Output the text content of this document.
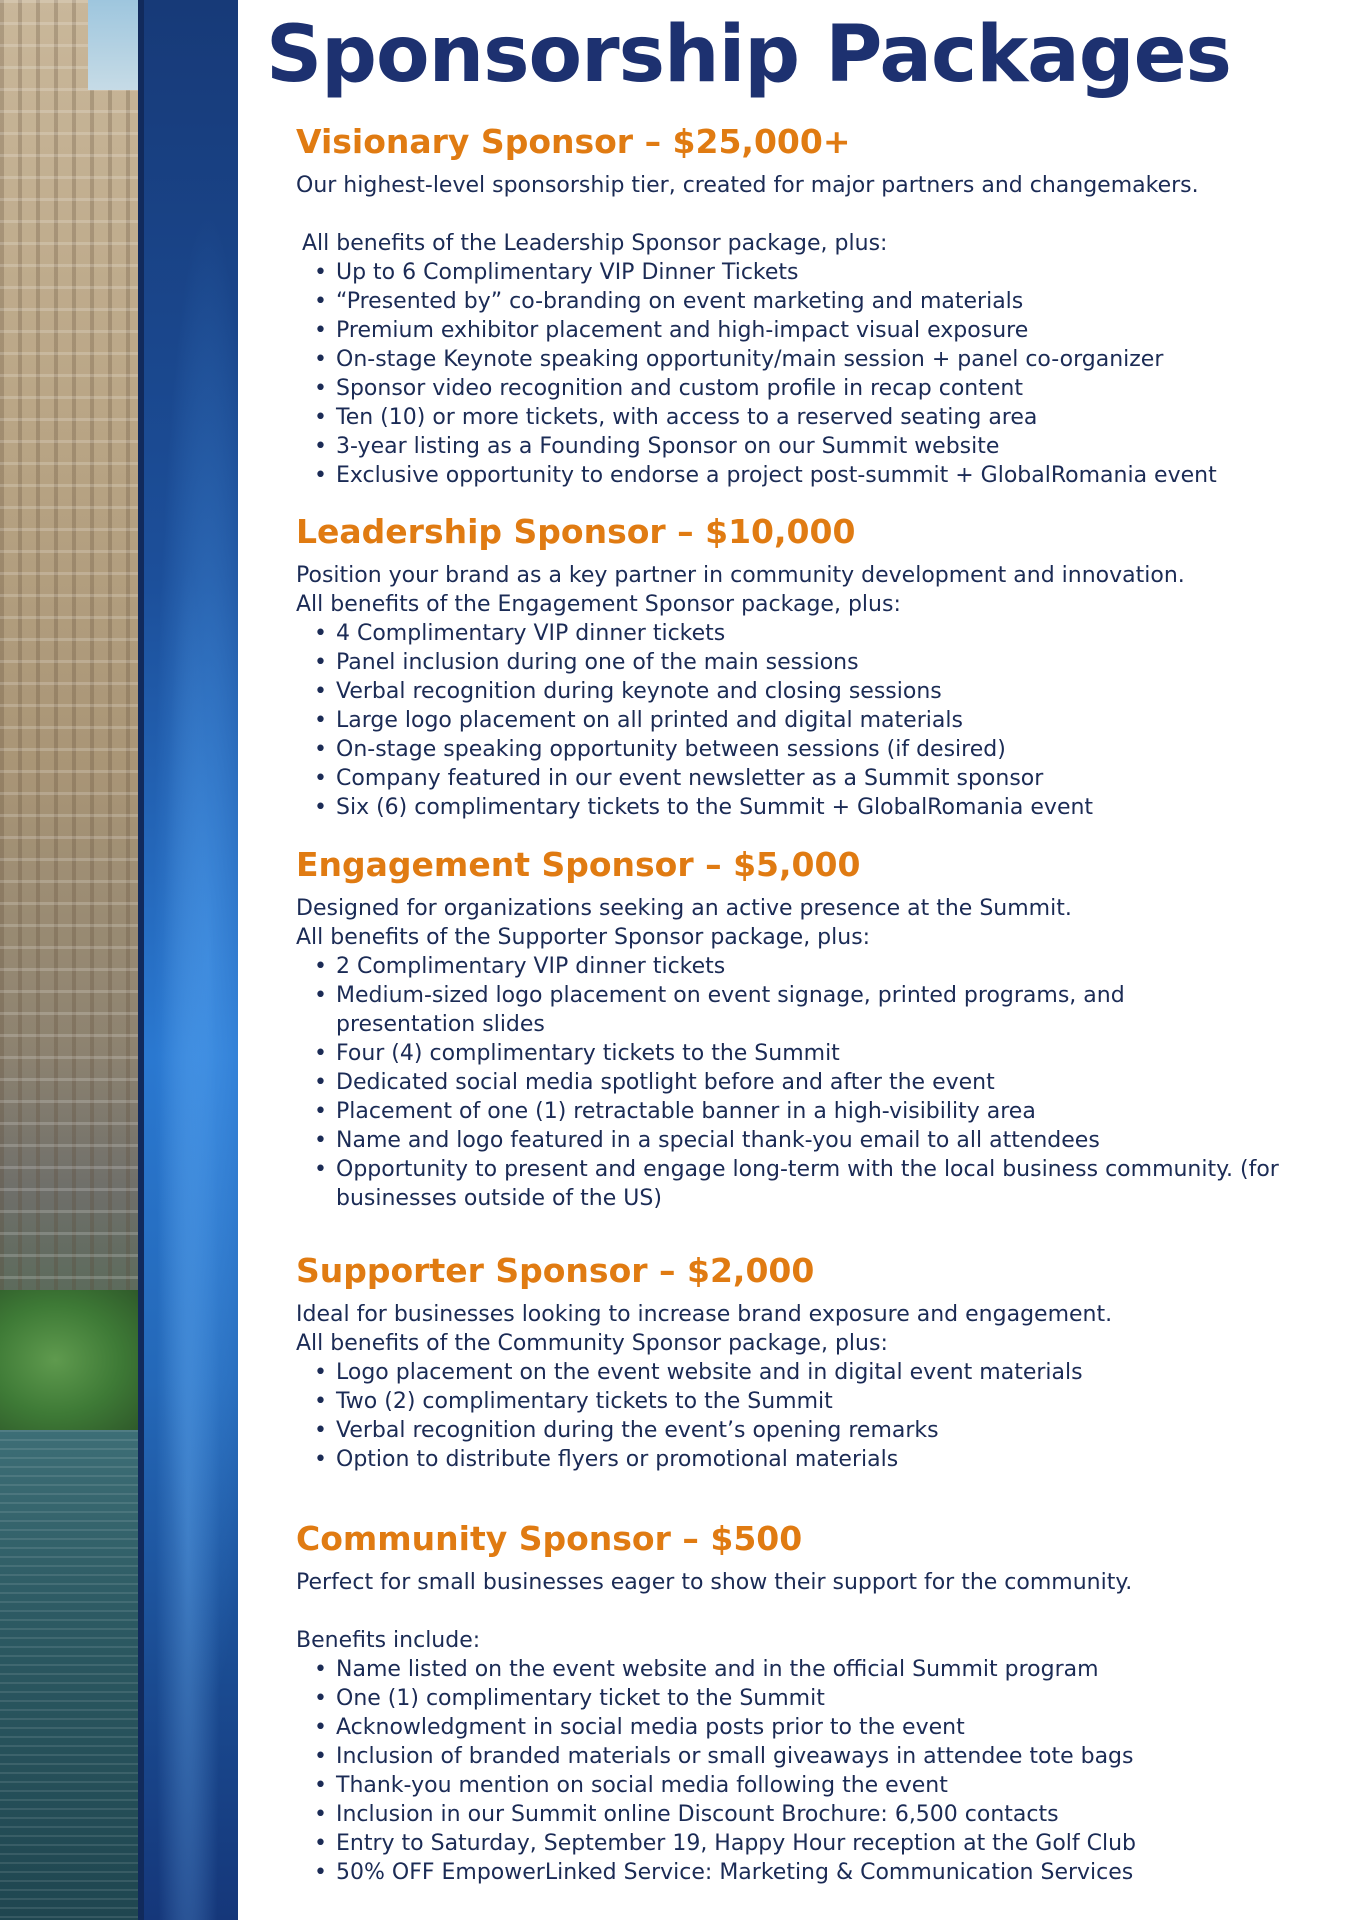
Sponsorship Packages
Visionary Sponsor – $25,000+

Our highest-level sponsorship tier, created for major partners and changemakers.

All benefits of the Leadership Sponsor package, plus:

• Up to 6 Complimentary VIP Dinner Tickets
• “Presented by” co-branding on event marketing and materials
• Premium exhibitor placement and high-impact visual exposure
• On-stage Keynote speaking opportunity/main session + panel co-organizer
• Sponsor video recognition and custom profile in recap content
• Ten (10) or more tickets, with access to a reserved seating area
• 3-year listing as a Founding Sponsor on our Summit website
• Exclusive opportunity to endorse a project post-summit + GlobalRomania event
Leadership Sponsor – $10,000

Position your brand as a key partner in community development and innovation.

All benefits of the Engagement Sponsor package, plus:

• 4 Complimentary VIP dinner tickets
• Panel inclusion during one of the main sessions
• Verbal recognition during keynote and closing sessions
• Large logo placement on all printed and digital materials
• On-stage speaking opportunity between sessions (if desired)
• Company featured in our event newsletter as a Summit sponsor
• Six (6) complimentary tickets to the Summit + GlobalRomania event
Engagement Sponsor – $5,000

Designed for organizations seeking an active presence at the Summit.

All benefits of the Supporter Sponsor package, plus:

• 2 Complimentary VIP dinner tickets
• Medium-sized logo placement on event signage, printed programs, and presentation slides
• Four (4) complimentary tickets to the Summit
• Dedicated social media spotlight before and after the event
• Placement of one (1) retractable banner in a high-visibility area
• Name and logo featured in a special thank-you email to all attendees
• Opportunity to present and engage long-term with the local business community. (for businesses outside of the US)
Supporter Sponsor – $2,000

Ideal for businesses looking to increase brand exposure and engagement.

All benefits of the Community Sponsor package, plus:

• Logo placement on the event website and in digital event materials
• Two (2) complimentary tickets to the Summit
• Verbal recognition during the event’s opening remarks
• Option to distribute flyers or promotional materials
Community Sponsor – $500

Perfect for small businesses eager to show their support for the community.

Benefits include:

• Name listed on the event website and in the official Summit program
• One (1) complimentary ticket to the Summit
• Acknowledgment in social media posts prior to the event
• Inclusion of branded materials or small giveaways in attendee tote bags
• Thank-you mention on social media following the event
• Inclusion in our Summit online Discount Brochure: 6,500 contacts
• Entry to Saturday, September 19, Happy Hour reception at the Golf Club
• 50% OFF EmpowerLinked Service: Marketing & Communication Services
